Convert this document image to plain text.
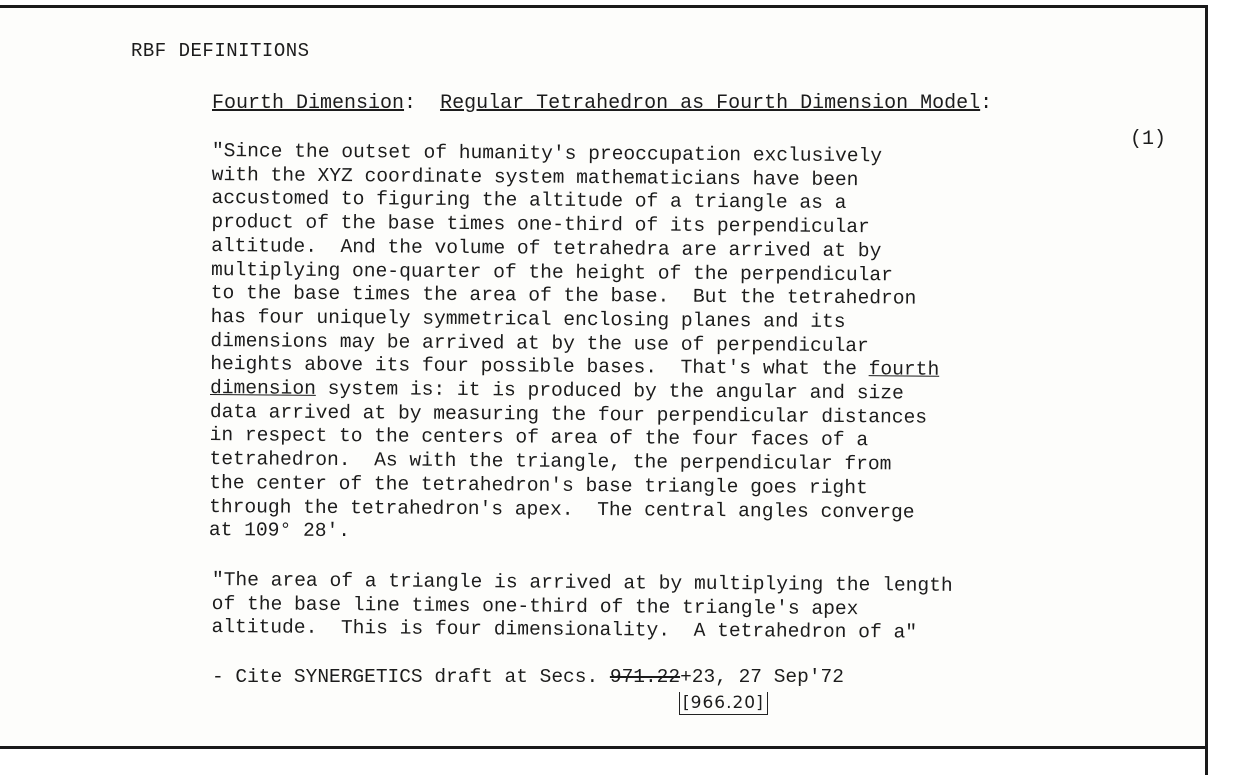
RBF DEFINITIONS
Fourth Dimension: Regular Tetrahedron as Fourth Dimension Model:
(1)
"Since the outset of humanity's preoccupation exclusively
with the XYZ coordinate system mathematicians have been
accustomed to figuring the altitude of a triangle as a
product of the base times one-third of its perpendicular
altitude.  And the volume of tetrahedra are arrived at by
multiplying one-quarter of the height of the perpendicular
to the base times the area of the base.  But the tetrahedron
has four uniquely symmetrical enclosing planes and its
dimensions may be arrived at by the use of perpendicular
heights above its four possible bases.  That's what the fourth
dimension system is: it is produced by the angular and size
data arrived at by measuring the four perpendicular distances
in respect to the centers of area of the four faces of a
tetrahedron.  As with the triangle, the perpendicular from
the center of the tetrahedron's base triangle goes right
through the tetrahedron's apex.  The central angles converge
at 109° 28'.
"The area of a triangle is arrived at by multiplying the length
of the base line times one-third of the triangle's apex
altitude.  This is four dimensionality.  A tetrahedron of a"
- Cite SYNERGETICS draft at Secs. 971.22+23, 27 Sep'72
[966.20]
